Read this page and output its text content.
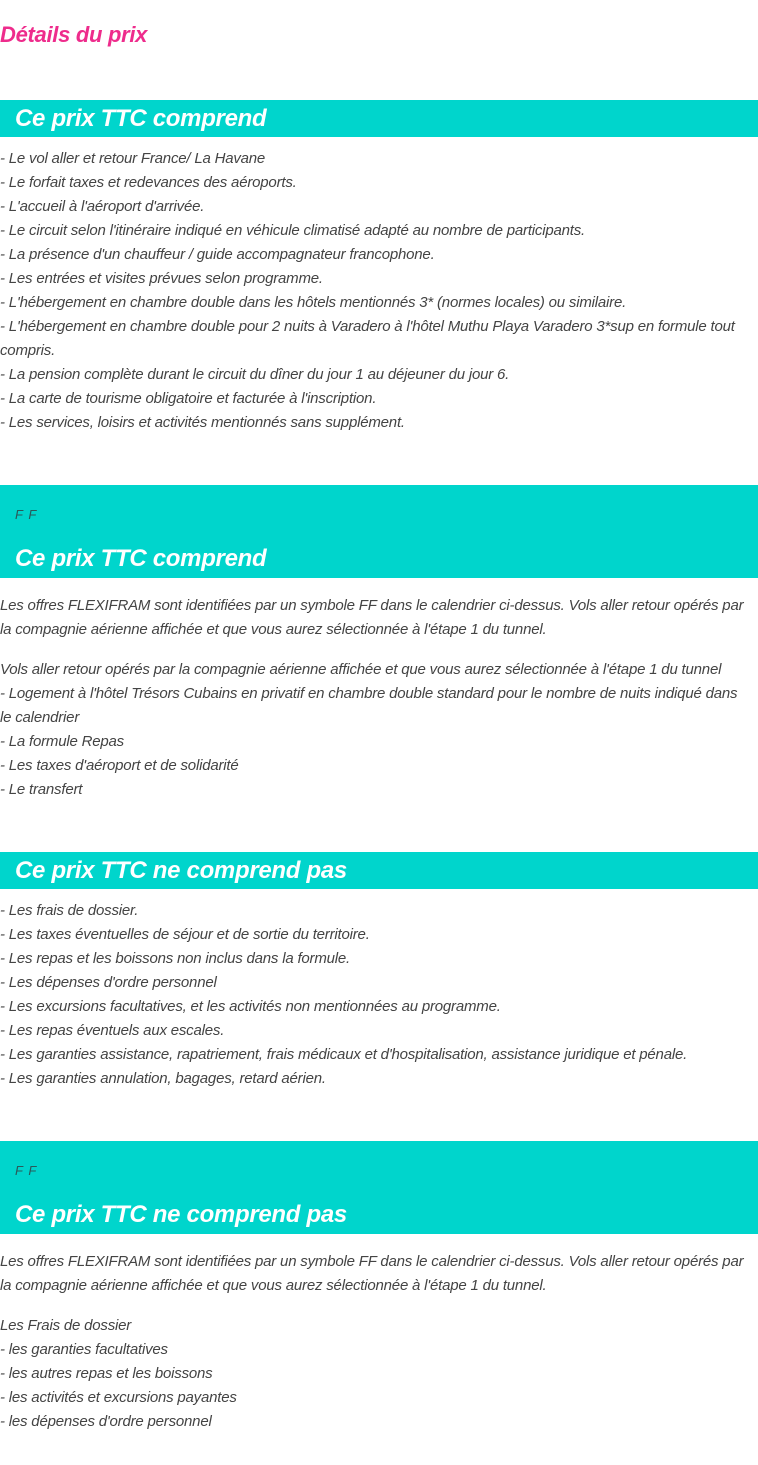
Détails du prix
Ce prix TTC comprend
- Le vol aller et retour France/ La Havane
- Le forfait taxes et redevances des aéroports.
- L'accueil à l'aéroport d'arrivée.
- Le circuit selon l'itinéraire indiqué en véhicule climatisé adapté au nombre de participants.
- La présence d'un chauffeur / guide accompagnateur francophone.
- Les entrées et visites prévues selon programme.
- L'hébergement en chambre double dans les hôtels mentionnés 3* (normes locales) ou similaire.
- L'hébergement en chambre double pour 2 nuits à Varadero à l'hôtel Muthu Playa Varadero 3*sup en formule tout compris.
- La pension complète durant le circuit du dîner du jour 1 au déjeuner du jour 6.
- La carte de tourisme obligatoire et facturée à l'inscription.
- Les services, loisirs et activités mentionnés sans supplément.
F F
Ce prix TTC comprend
Les offres FLEXIFRAM sont identifiées par un symbole FF dans le calendrier ci-dessus. Vols aller retour opérés par la compagnie aérienne affichée et que vous aurez sélectionnée à l'étape 1 du tunnel.
Vols aller retour opérés par la compagnie aérienne affichée et que vous aurez sélectionnée à l'étape 1 du tunnel
- Logement à l'hôtel Trésors Cubains en privatif en chambre double standard pour le nombre de nuits indiqué dans le calendrier
- La formule Repas
- Les taxes d'aéroport et de solidarité
- Le transfert
Ce prix TTC ne comprend pas
- Les frais de dossier.
- Les taxes éventuelles de séjour et de sortie du territoire.
- Les repas et les boissons non inclus dans la formule.
- Les dépenses d'ordre personnel
- Les excursions facultatives, et les activités non mentionnées au programme.
- Les repas éventuels aux escales.
- Les garanties assistance, rapatriement, frais médicaux et d'hospitalisation, assistance juridique et pénale.
- Les garanties annulation, bagages, retard aérien.
F F
Ce prix TTC ne comprend pas
Les offres FLEXIFRAM sont identifiées par un symbole FF dans le calendrier ci-dessus. Vols aller retour opérés par la compagnie aérienne affichée et que vous aurez sélectionnée à l'étape 1 du tunnel.
Les Frais de dossier
- les garanties facultatives
- les autres repas et les boissons
- les activités et excursions payantes
- les dépenses d'ordre personnel
